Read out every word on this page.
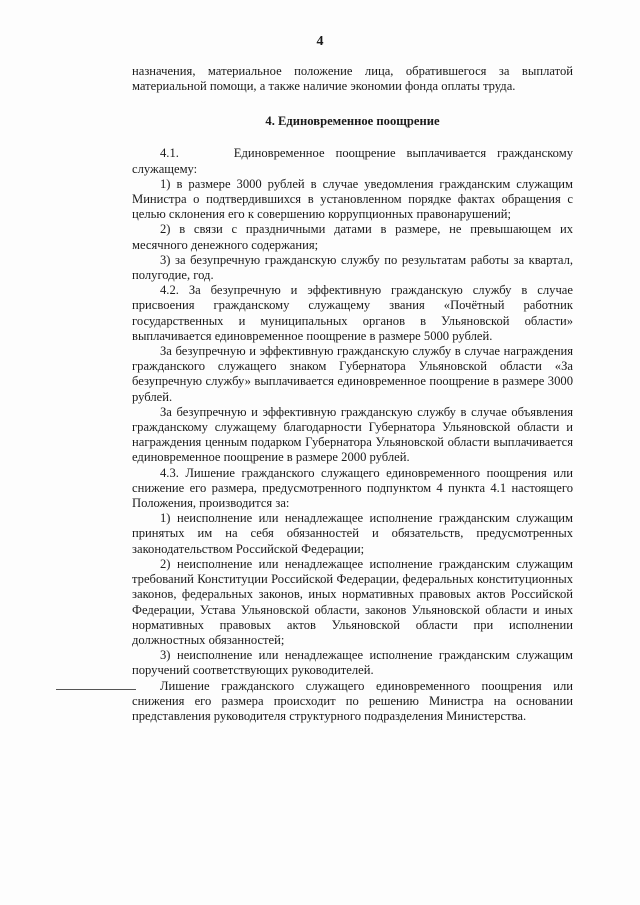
4

назначения, материальное положение лица, обратившегося за выплатой материальной помощи, а также наличие экономии фонда оплаты труда.

4. Единовременное поощрение

4.1.     Единовременное поощрение выплачивается гражданскому служащему:

1) в размере 3000 рублей в случае уведомления гражданским служащим Министра о подтвердившихся в установленном порядке фактах обращения с целью склонения его к совершению коррупционных правонарушений;

2) в связи с праздничными датами в размере, не превышающем их месячного денежного содержания;

3) за безупречную гражданскую службу по результатам работы за квартал, полугодие, год.

4.2. За безупречную и эффективную гражданскую службу в случае присвоения гражданскому служащему звания «Почётный работник государственных и муниципальных органов в Ульяновской области» выплачивается единовременное поощрение в размере 5000 рублей.

За безупречную и эффективную гражданскую службу в случае награждения гражданского служащего знаком Губернатора Ульяновской области «За безупречную службу» выплачивается единовременное поощрение в размере 3000 рублей.

За безупречную и эффективную гражданскую службу в случае объявления гражданскому служащему благодарности Губернатора Ульяновской области и награждения ценным подарком Губернатора Ульяновской области выплачивается единовременное поощрение в размере 2000 рублей.

4.3. Лишение гражданского служащего единовременного поощрения или снижение его размера, предусмотренного подпунктом 4 пункта 4.1 настоящего Положения, производится за:

1) неисполнение или ненадлежащее исполнение гражданским служащим принятых им на себя обязанностей и обязательств, предусмотренных законодательством Российской Федерации;

2) неисполнение или ненадлежащее исполнение гражданским служащим требований Конституции Российской Федерации, федеральных конституционных законов, федеральных законов, иных нормативных правовых актов Российской Федерации, Устава Ульяновской области, законов Ульяновской области и иных нормативных правовых актов Ульяновской области при исполнении должностных обязанностей;

3) неисполнение или ненадлежащее исполнение гражданским служащим поручений соответствующих руководителей.

Лишение гражданского служащего единовременного поощрения или снижения его размера происходит по решению Министра на основании представления руководителя структурного подразделения Министерства.
